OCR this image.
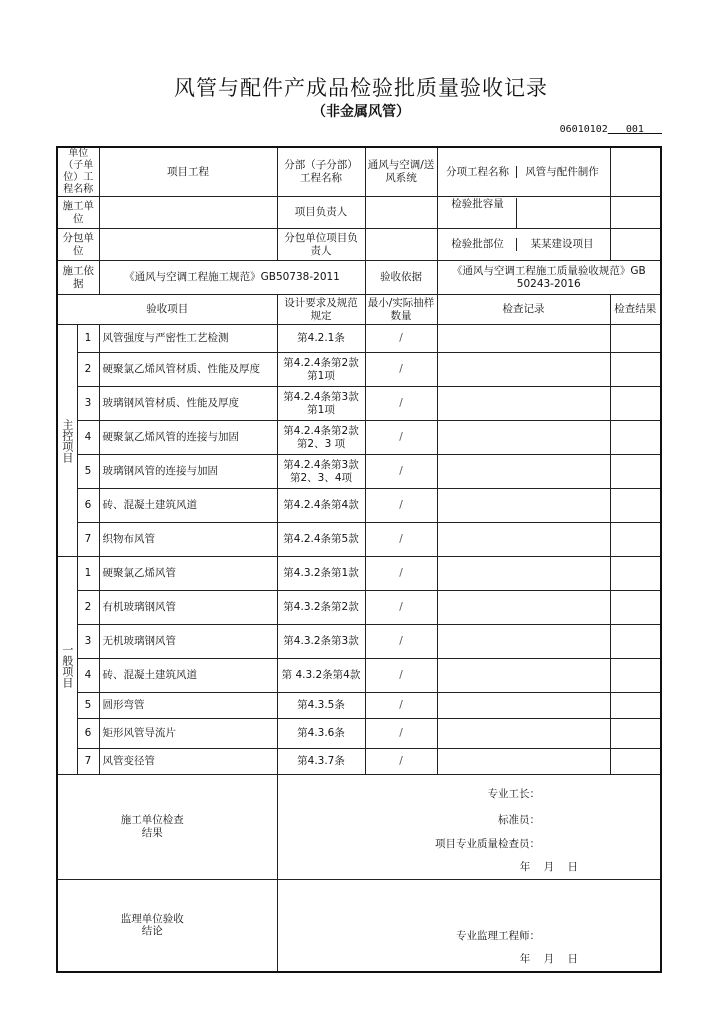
风管与配件产成品检验批质量验收记录
（非金属风管）
06010102 001
单位（子单位）工程名称		项目工程	分部（子分部）工程名称	通风与空调/送风系统	分项工程名称 风管与配件制作	

施工单位			项目负责人		检验批容量	

分包单位			分包单位项目负责人		检验批部位 某某建设项目	

施工依据		《通风与空调工程施工规范》GB50738-2011		验收依据	《通风与空调工程施工质量验收规范》GB 50243-2016	
验收项目			设计要求及规范规定	最小/实际抽样数量	检查记录	检查结果

主控项目	1	风管强度与严密性工艺检测	第4.2.1条	/		
	2	硬聚氯乙烯风管材质、性能及厚度	第4.2.4条第2款第1项	/		
	3	玻璃钢风管材质、性能及厚度	第4.2.4条第3款第1项	/		
	4	硬聚氯乙烯风管的连接与加固	第4.2.4条第2款第2、3 项	/		
	5	玻璃钢风管的连接与加固	第4.2.4条第3款第2、3、4项	/		
	6	砖、混凝土建筑风道	第4.2.4条第4款	/		
	7	织物布风管	第4.2.4条第5款	/		

一般项目	1	硬聚氯乙烯风管	第4.3.2条第1款	/		
	2	有机玻璃钢风管	第4.3.2条第2款	/		
	3	无机玻璃钢风管	第4.3.2条第3款	/		
	4	砖、混凝土建筑风道	第 4.3.2条第4款	/		
	5	圆形弯管	第4.3.5条	/		
	6	矩形风管导流片	第4.3.6条	/		
	7	风管变径管	第4.3.7条	/		

施工单位检查结果			专业工长：
标准员：
项目专业质量检查员：
年    月    日			

监理单位验收结论			专业监理工程师：
年    月    日			
